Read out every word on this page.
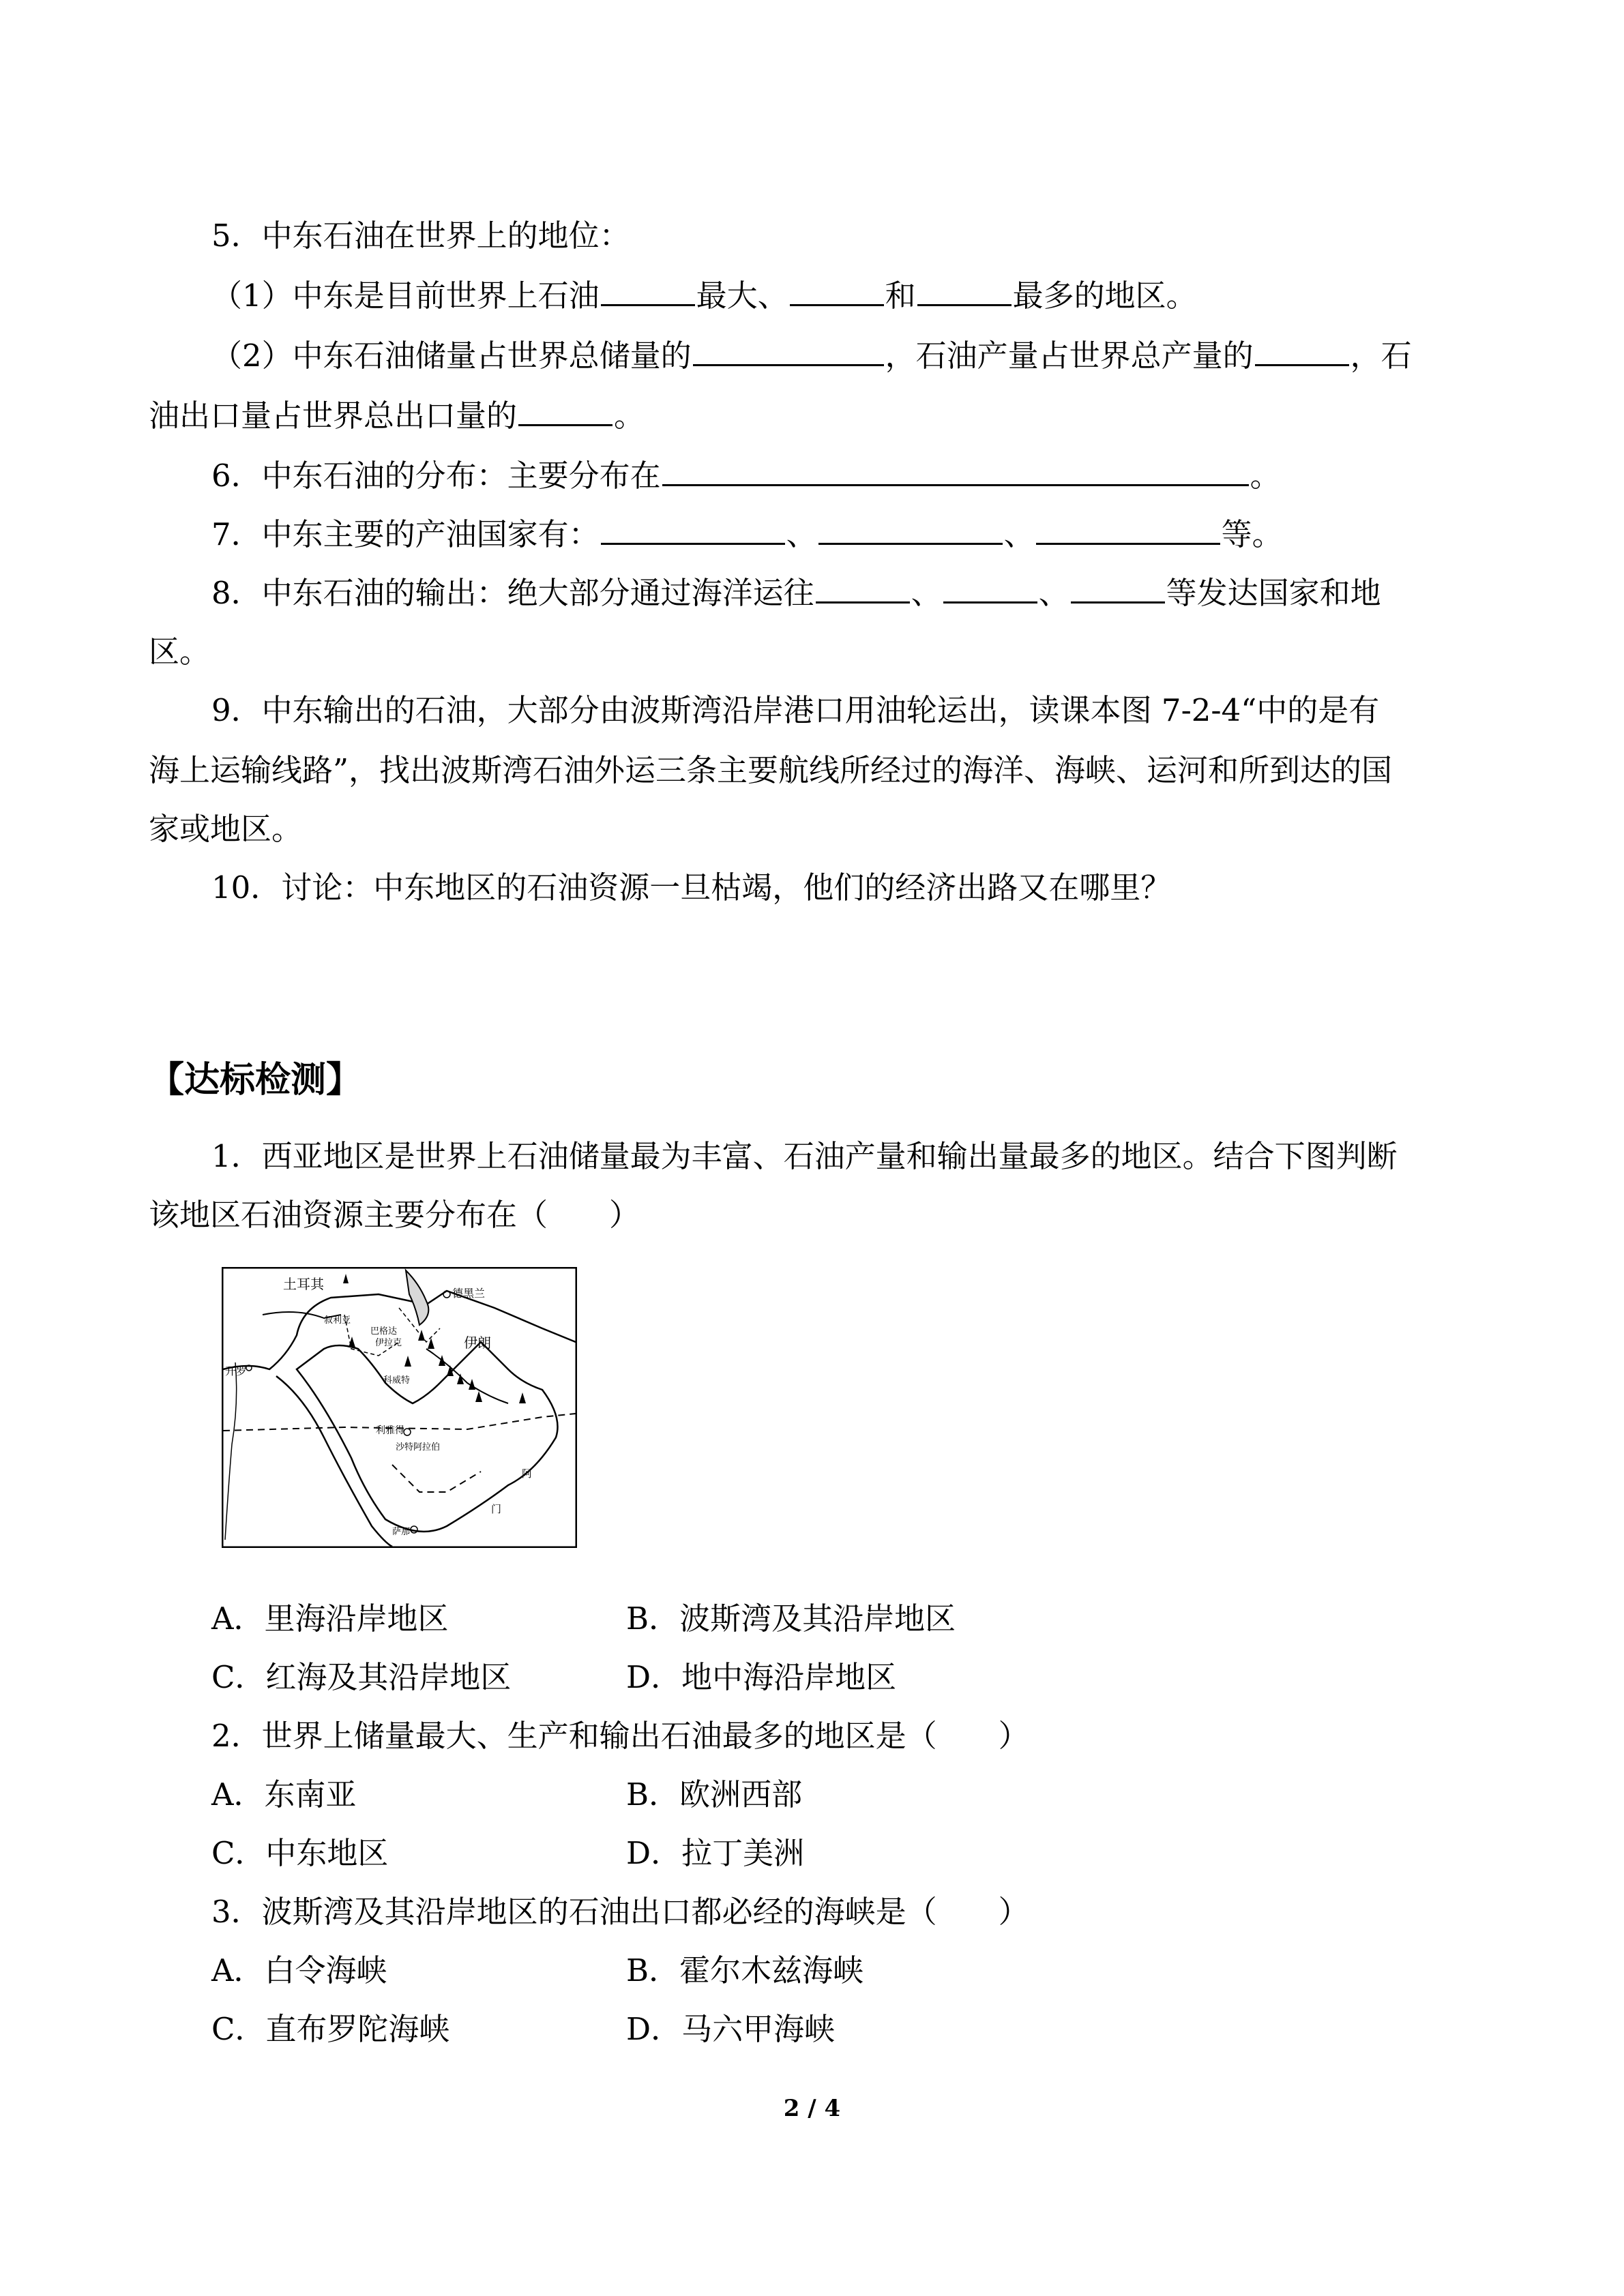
5．中东石油在世界上的地位：
（1）中东是目前世界上石油	最大、	和	最多的地区。
（2）中东石油储量占世界总储量的	，石油产量占世界总产量的	，石
油出口量占世界总出口量的	。
6．中东石油的分布：主要分布在	。
7．中东主要的产油国家有：	、	、	等。
8．中东石油的输出：绝大部分通过海洋运往	、	、	等发达国家和地
区。
9．中东输出的石油，大部分由波斯湾沿岸港口用油轮运出，读课本图 7-2-4“中的是有
海上运输线路”，找出波斯湾石油外运三条主要航线所经过的海洋、海峡、运河和所到达的国
家或地区。
10．讨论：中东地区的石油资源一旦枯竭，他们的经济出路又在哪里？
【达标检测】
1．西亚地区是世界上石油储量最为丰富、石油产量和输出量最多的地区。结合下图判断
该地区石油资源主要分布在（　　）
土耳其
德黑兰
伊朗
开罗
叙利亚
巴格达
伊拉克
科威特
利雅得
沙特阿拉伯
阿
门
萨那
A．里海沿岸地区	B．波斯湾及其沿岸地区
C．红海及其沿岸地区	D．地中海沿岸地区
2．世界上储量最大、生产和输出石油最多的地区是（　　）
A．东南亚	B．欧洲西部
C．中东地区	D．拉丁美洲
3．波斯湾及其沿岸地区的石油出口都必经的海峡是（　　）
A．白令海峡	B．霍尔木兹海峡
C．直布罗陀海峡	D．马六甲海峡
2 / 4
